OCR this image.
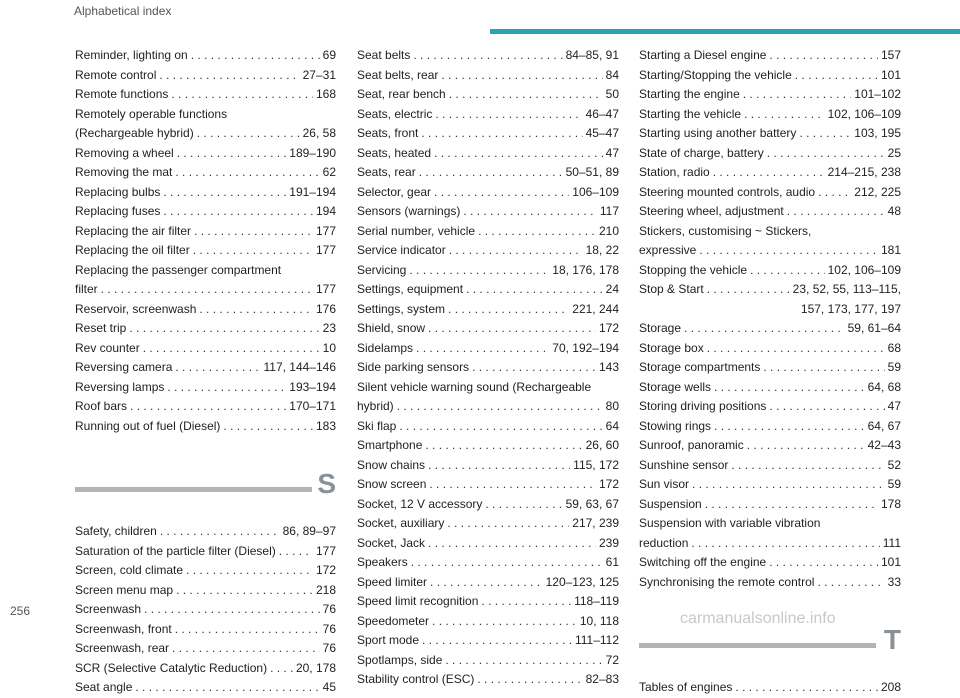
Alphabetical index
Reminder, lighting on . . .	69
Remote control . . .	27–31
Remote functions . . .	168
Remotely operable functions
(Rechargeable hybrid) . . .	26, 58
Removing a wheel . . .	189–190
Removing the mat . . .	62
Replacing bulbs . . .	191–194
Replacing fuses . . .	194
Replacing the air filter . . .	177
Replacing the oil filter . . .	177
Replacing the passenger compartment
filter . . .	177
Reservoir, screenwash . . .	176
Reset trip . . .	23
Rev counter . . .	10
Reversing camera . . .	117, 144–146
Reversing lamps . . .	193–194
Roof bars . . .	170–171
Running out of fuel (Diesel) . . .	183
S
Safety, children . . .	86, 89–97
Saturation of the particle filter (Diesel) . . .	177
Screen, cold climate . . .	172
Screen menu map . . .	218
Screenwash . . .	76
Screenwash, front . . .	76
Screenwash, rear . . .	76
SCR (Selective Catalytic Reduction) . . . 20, 178
Seat angle . . .	45
Seat belts . . .	84–85, 91
Seat belts, rear . . .	84
Seat, rear bench . . .	50
Seats, electric . . .	46–47
Seats, front . . .	45–47
Seats, heated . . .	47
Seats, rear . . .	50–51, 89
Selector, gear . . .	106–109
Sensors (warnings) . . .	117
Serial number, vehicle . . .	210
Service indicator . . .	18, 22
Servicing . . .	18, 176, 178
Settings, equipment . . .	24
Settings, system . . .	221, 244
Shield, snow . . .	172
Sidelamps . . .	70, 192–194
Side parking sensors . . .	143
Silent vehicle warning sound (Rechargeable
hybrid) . . .	80
Ski flap . . .	64
Smartphone . . .	26, 60
Snow chains . . .	115, 172
Snow screen . . .	172
Socket, 12 V accessory . . .	59, 63, 67
Socket, auxiliary . . .	217, 239
Socket, Jack . . .	239
Speakers . . .	61
Speed limiter . . .	120–123, 125
Speed limit recognition . . .	118–119
Speedometer . . .	10, 118
Sport mode . . .	111–112
Spotlamps, side . . .	72
Stability control (ESC) . . .	82–83
Starting a Diesel engine . . .	157
Starting/Stopping the vehicle . . .	101
Starting the engine . . .	101–102
Starting the vehicle . . .	102, 106–109
Starting using another battery . . .	103, 195
State of charge, battery . . .	25
Station, radio . . .	214–215, 238
Steering mounted controls, audio . . .	212, 225
Steering wheel, adjustment . . .	48
Stickers, customising ~ Stickers,
expressive . . .	181
Stopping the vehicle . . .	102, 106–109
Stop & Start . . .	23, 52, 55, 113–115,
157, 173, 177, 197
Storage . . .	59, 61–64
Storage box . . .	68
Storage compartments . . .	59
Storage wells . . .	64, 68
Storing driving positions . . .	47
Stowing rings . . .	64, 67
Sunroof, panoramic . . .	42–43
Sunshine sensor . . .	52
Sun visor . . .	59
Suspension . . .	178
Suspension with variable vibration
reduction . . .	111
Switching off the engine . . .	101
Synchronising the remote control . . .	33
T
Tables of engines . . .	208
256	carmanualsonline.info
